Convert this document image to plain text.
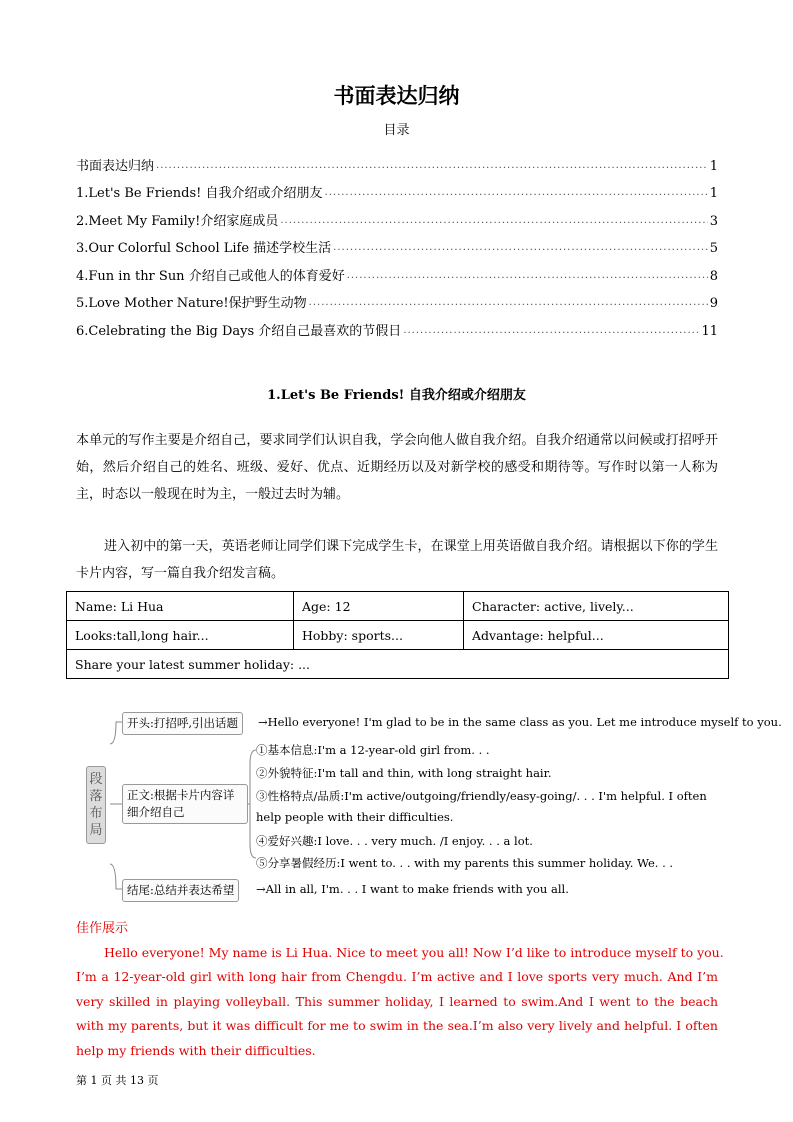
书面表达归纳
目录
书面表达归纳 .....	1
1.Let's Be Friends! 自我介绍或介绍朋友 .....	1
2.Meet My Family!介绍家庭成员 .....	3
3.Our Colorful School Life 描述学校生活 .....	5
4.Fun in thr Sun 介绍自己或他人的体育爱好 .....	8
5.Love Mother Nature!保护野生动物 .....	9
6.Celebrating the Big Days 介绍自己最喜欢的节假日 .....	11
1.Let's Be Friends! 自我介绍或介绍朋友
本单元的写作主要是介绍自己，要求同学们认识自我，学会向他人做自我介绍。自我介绍通常以问候或打招呼开始，然后介绍自己的姓名、班级、爱好、优点、近期经历以及对新学校的感受和期待等。写作时以第一人称为主，时态以一般现在时为主，一般过去时为辅。
进入初中的第一天，英语老师让同学们课下完成学生卡，在课堂上用英语做自我介绍。请根据以下你的学生卡片内容，写一篇自我介绍发言稿。
Name: Li Hua	Age: 12	Character: active, lively...
Looks:tall,long hair...	Hobby: sports...	Advantage: helpful...
Share your latest summer holiday: ...		
段落布局
开头:打招呼,引出话题	→Hello everyone! I'm glad to be in the same class as you. Let me introduce myself to you.
正文:根据卡片内容详细介绍自己
①基本信息:I'm a 12-year-old girl from. . .
②外貌特征:I'm tall and thin, with long straight hair.
③性格特点/品质:I'm active/outgoing/friendly/easy-going/. . . I'm helpful. I often
help people with their difficulties.
④爱好兴趣:I love. . . very much. /I enjoy. . . a lot.
⑤分享暑假经历:I went to. . . with my parents this summer holiday. We. . .
结尾:总结并表达希望	→All in all, I'm. . . I want to make friends with you all.
佳作展示
Hello everyone! My name is Li Hua. Nice to meet you all! Now I’d like to introduce myself to you.
I’m a 12-year-old girl with long hair from Chengdu. I’m active and I love sports very much. And I’m very skilled in playing volleyball. This summer holiday, I learned to swim.And I went to the beach with my parents, but it was difficult for me to swim in the sea.I’m also very lively and helpful. I often help my friends with their difficulties.
第 1 页 共 13 页
